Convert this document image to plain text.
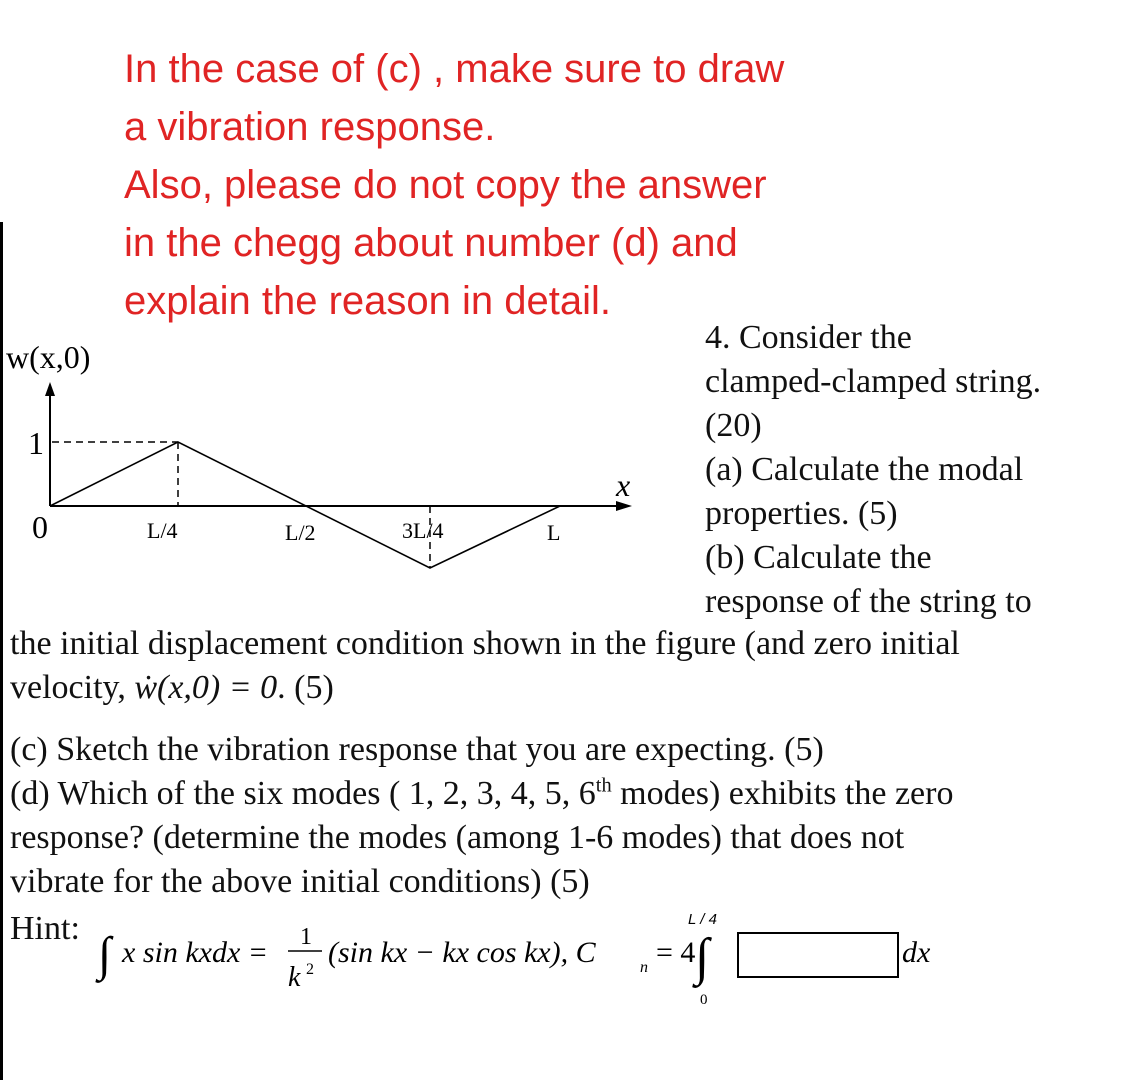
In the case of (c) , make sure to draw
a vibration response.
Also, please do not copy the answer
in the chegg about number (d) and
explain the reason in detail.
w(x,0)
x
1
0	L/4	L/2	3L/4	L
4. Consider the
clamped-clamped string.
(20)
(a) Calculate the modal
properties. (5)
(b) Calculate the
response of the string to
the initial displacement condition shown in the figure (and zero initial
velocity, ẇ(x,0) = 0. (5)
(c) Sketch the vibration response that you are expecting. (5)
(d) Which of the six modes ( 1, 2, 3, 4, 5, 6th modes) exhibits the zero
response? (determine the modes (among 1-6 modes) that does not
vibrate for the above initial conditions) (5)
Hint: ∫ x sin kxdx = 1
k 2
(sin kx − kx cos kx), C	n = 4
L / 4
∫
0
dx
